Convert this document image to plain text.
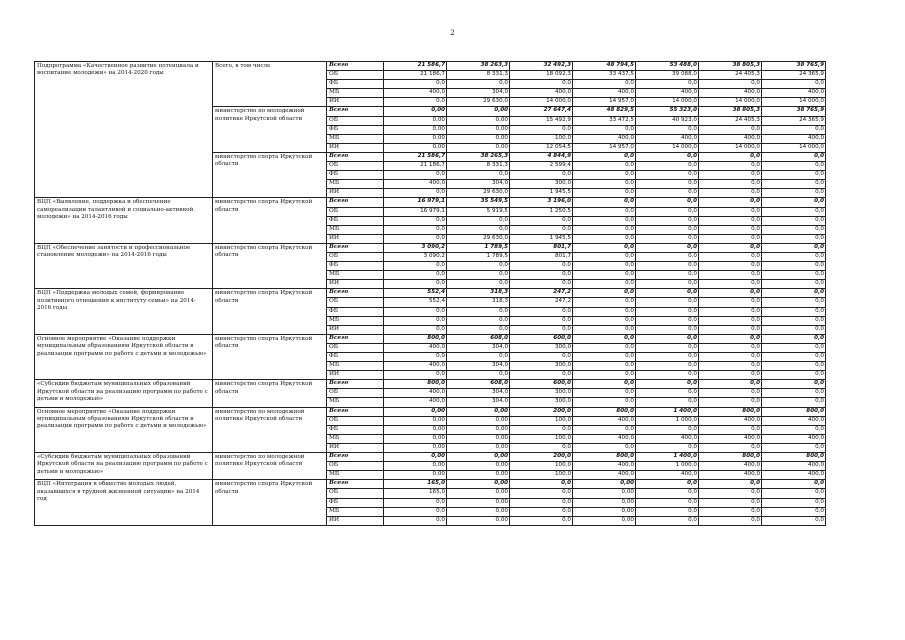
2
Подпрограмма «Качественное развитие потенциала и воспитание молодежи» на 2014-2020 годы	Всего, в том числе	Всего	21 586,7	38 263,3	32 492,3	48 794,5	53 488,0	38 805,3	38 765,9
		ОБ	21 186,7	8 331,3	18 092,3	33 437,5	39 088,0	24 405,3	24 365,9
		ФБ	0,0	0,0	0,0	0,0	0,0	0,0	0,0
		МБ	400,0	304,0	400,0	400,0	400,0	400,0	400,0
		ИИ	0,0	29 630,0	14 000,0	14 957,0	14 000,0	14 000,0	14 000,0
	министерство по молодежной политике Иркутской области	Всего	0,00	0,00	27 647,4	48 829,5	55 323,0	38 805,3	38 765,9
		ОБ	0,00	0,00	15 492,9	33 472,5	40 923,0	24 405,3	24 365,9
		ФБ	0,00	0,00	0,0	0,0	0,0	0,0	0,0
		МБ	0,00	0,00	100,0	400,0	400,0	400,0	400,0
		ИИ	0,00	0,00	12 054,5	14 957,0	14 000,0	14 000,0	14 000,0
	министерство спорта Иркутской области	Всего	21 586,7	38 265,3	4 844,9	0,0	0,0	0,0	0,0
		ОБ	21 186,7	8 331,3	2 599,4	0,0	0,0	0,0	0,0
		ФБ	0,0	0,0	0,0	0,0	0,0	0,0	0,0
		МБ	400,0	304,0	300,0	0,0	0,0	0,0	0,0
		ИИ	0,0	29 630,0	1 945,5	0,0	0,0	0,0	0,0
ВЦП «Выявление, поддержка и обеспечение самореализации талантливой и социально-активной молодежи» на 2014-2016 годы	министерство спорта Иркутской области	Всего	16 979,1	35 549,5	3 196,0	0,0	0,0	0,0	0,0
		ОБ	16 979,1	5 919,5	1 250,5	0,0	0,0	0,0	0,0
		ФБ	0,0	0,0	0,0	0,0	0,0	0,0	0,0
		МБ	0,0	0,0	0,0	0,0	0,0	0,0	0,0
		ИИ	0,0	29 630,0	1 945,5	0,0	0,0	0,0	0,0
ВЦП «Обеспечение занятости и профессиональное становление молодежи» на 2014-2016 годы	министерство спорта Иркутской области	Всего	3 090,2	1 789,5	801,7	0,0	0,0	0,0	0,0
		ОБ	3 090,2	1 789,5	801,7	0,0	0,0	0,0	0,0
		ФБ	0,0	0,0	0,0	0,0	0,0	0,0	0,0
		МБ	0,0	0,0	0,0	0,0	0,0	0,0	0,0
		ИИ	0,0	0,0	0,0	0,0	0,0	0,0	0,0
ВЦП «Поддержка молодых семей, формирование позитивного отношения к институту семьи» на 2014-2016 годы	министерство спорта Иркутской области	Всего	552,4	318,3	247,2	0,0	0,0	0,0	0,0
		ОБ	552,4	318,3	247,2	0,0	0,0	0,0	0,0
		ФБ	0,0	0,0	0,0	0,0	0,0	0,0	0,0
		МБ	0,0	0,0	0,0	0,0	0,0	0,0	0,0
		ИИ	0,0	0,0	0,0	0,0	0,0	0,0	0,0
Основное мероприятие «Оказание поддержки муниципальным образованиям Иркутской области в реализации программ по работе с детьми и молодежью»	министерство спорта Иркутской области	Всего	800,0	608,0	600,0	0,0	0,0	0,0	0,0
		ОБ	400,0	304,0	300,0	0,0	0,0	0,0	0,0
		ФБ	0,0	0,0	0,0	0,0	0,0	0,0	0,0
		МБ	400,0	304,0	300,0	0,0	0,0	0,0	0,0
		ИИ	0,0	0,0	0,0	0,0	0,0	0,0	0,0
«Субсидии бюджетам муниципальных образований Иркутской области на реализацию программ по работе с детьми и молодежью»	министерство спорта Иркутской области	Всего	800,0	608,0	600,0	0,0	0,0	0,0	0,0
		ОБ	400,0	304,0	300,0	0,0	0,0	0,0	0,0
		МБ	400,0	304,0	300,0	0,0	0,0	0,0	0,0
Основное мероприятие «Оказание поддержки муниципальным образованиям Иркутской области в реализации программ по работе с детьми и молодежью»	министерство по молодежной политике Иркутской области	Всего	0,00	0,00	200,0	800,0	1 400,0	800,0	800,0
		ОБ	0,00	0,00	100,0	400,0	1 000,0	400,0	400,0
		ФБ	0,00	0,00	0,0	0,0	0,0	0,0	0,0
		МБ	0,00	0,00	100,0	400,0	400,0	400,0	400,0
		ИИ	0,00	0,00	0,0	0,0	0,0	0,0	0,0
«Субсидии бюджетам муниципальных образований Иркутской области на реализацию программ по работе с детьми и молодежью»	министерство по молодежной политике Иркутской области	Всего	0,00	0,00	200,0	800,0	1 400,0	800,0	800,0
		ОБ	0,00	0,00	100,0	400,0	1 000,0	400,0	400,0
		МБ	0,00	0,00	100,0	400,0	400,0	400,0	400,0
ВЦП «Интеграция в общество молодых людей, оказавшихся в трудной жизненной ситуации» на 2014 год	министерство спорта Иркутской области	Всего	165,0	0,00	0,0	0,00	0,0	0,0	0,0
		ОБ	165,0	0,00	0,0	0,00	0,0	0,0	0,0
		ФБ	0,0	0,00	0,0	0,00	0,0	0,0	0,0
		МБ	0,0	0,00	0,0	0,00	0,0	0,0	0,0
		ИИ	0,0	0,00	0,0	0,00	0,0	0,0	0,0
